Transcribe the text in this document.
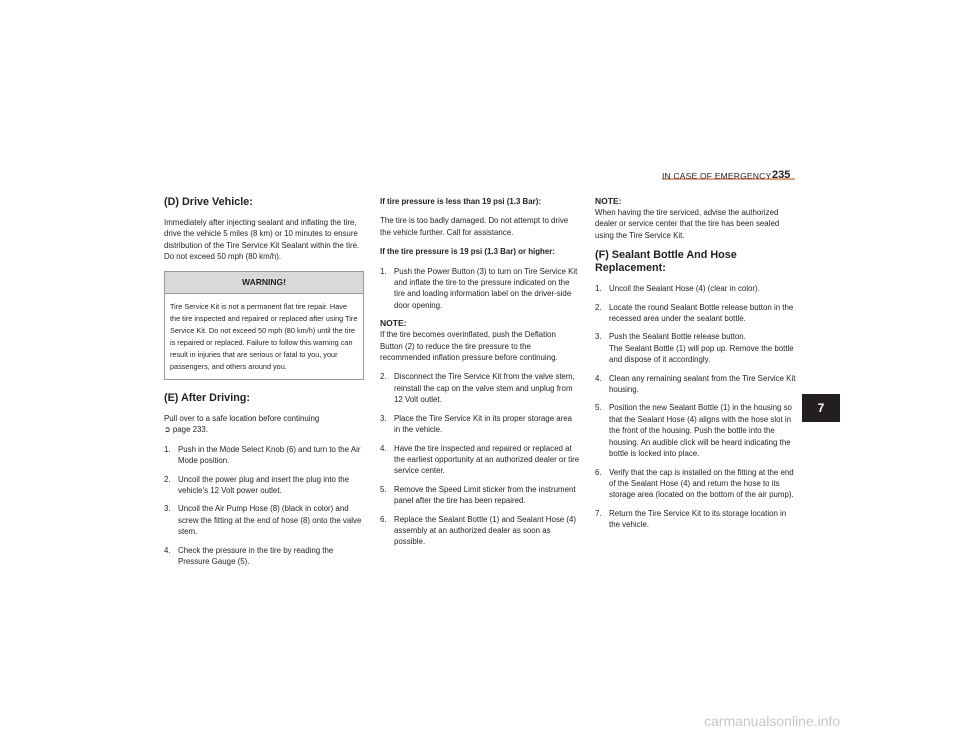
IN CASE OF EMERGENCY 235
(D) Drive Vehicle:

Immediately after injecting sealant and inflating the tire, drive the vehicle 5 miles (8 km) or 10 minutes to ensure distribution of the Tire Service Kit Sealant within the tire. Do not exceed 50 mph (80 km/h).

WARNING!
Tire Service Kit is not a permanent flat tire repair. Have the tire inspected and repaired or replaced after using Tire Service Kit. Do not exceed 50 mph (80 km/h) until the tire is repaired or replaced. Failure to follow this warning can result in injuries that are serious or fatal to you, your passengers, and others around you.
(E) After Driving:

Pull over to a safe location before continuing
➲ page 233.

1. Push in the Mode Select Knob (6) and turn to the Air Mode position.
2. Uncoil the power plug and insert the plug into the vehicle's 12 Volt power outlet.
3. Uncoil the Air Pump Hose (8) (black in color) and screw the fitting at the end of hose (8) onto the valve stem.
4. Check the pressure in the tire by reading the Pressure Gauge (5).

If tire pressure is less than 19 psi (1.3 Bar):

The tire is too badly damaged. Do not attempt to drive the vehicle further. Call for assistance.

If the tire pressure is 19 psi (1.3 Bar) or higher:

1. Push the Power Button (3) to turn on Tire Service Kit and inflate the tire to the pressure indicated on the tire and loading information label on the driver-side door opening.

NOTE:

If the tire becomes overinflated, push the Deflation Button (2) to reduce the tire pressure to the recommended inflation pressure before continuing.

2. Disconnect the Tire Service Kit from the valve stem, reinstall the cap on the valve stem and unplug from 12 Volt outlet.
3. Place the Tire Service Kit in its proper storage area in the vehicle.
4. Have the tire inspected and repaired or replaced at the earliest opportunity at an authorized dealer or tire service center.
5. Remove the Speed Limit sticker from the instrument panel after the tire has been repaired.
6. Replace the Sealant Bottle (1) and Sealant Hose (4) assembly at an authorized dealer as soon as possible.

NOTE:

When having the tire serviced, advise the authorized dealer or service center that the tire has been sealed using the Tire Service Kit.

(F) Sealant Bottle And Hose Replacement:
1. Uncoil the Sealant Hose (4) (clear in color).
2. Locate the round Sealant Bottle release button in the recessed area under the sealant bottle.
3. Push the Sealant Bottle release button.
The Sealant Bottle (1) will pop up. Remove the bottle and dispose of it accordingly.
4. Clean any remaining sealant from the Tire Service Kit housing.
5. Position the new Sealant Bottle (1) in the housing so that the Sealant Hose (4) aligns with the hose slot in the front of the housing. Push the bottle into the housing. An audible click will be heard indicating the bottle is locked into place.
6. Verify that the cap is installed on the fitting at the end of the Sealant Hose (4) and return the hose to its storage area (located on the bottom of the air pump).
7. Return the Tire Service Kit to its storage location in the vehicle.
7
carmanualsonline.info
